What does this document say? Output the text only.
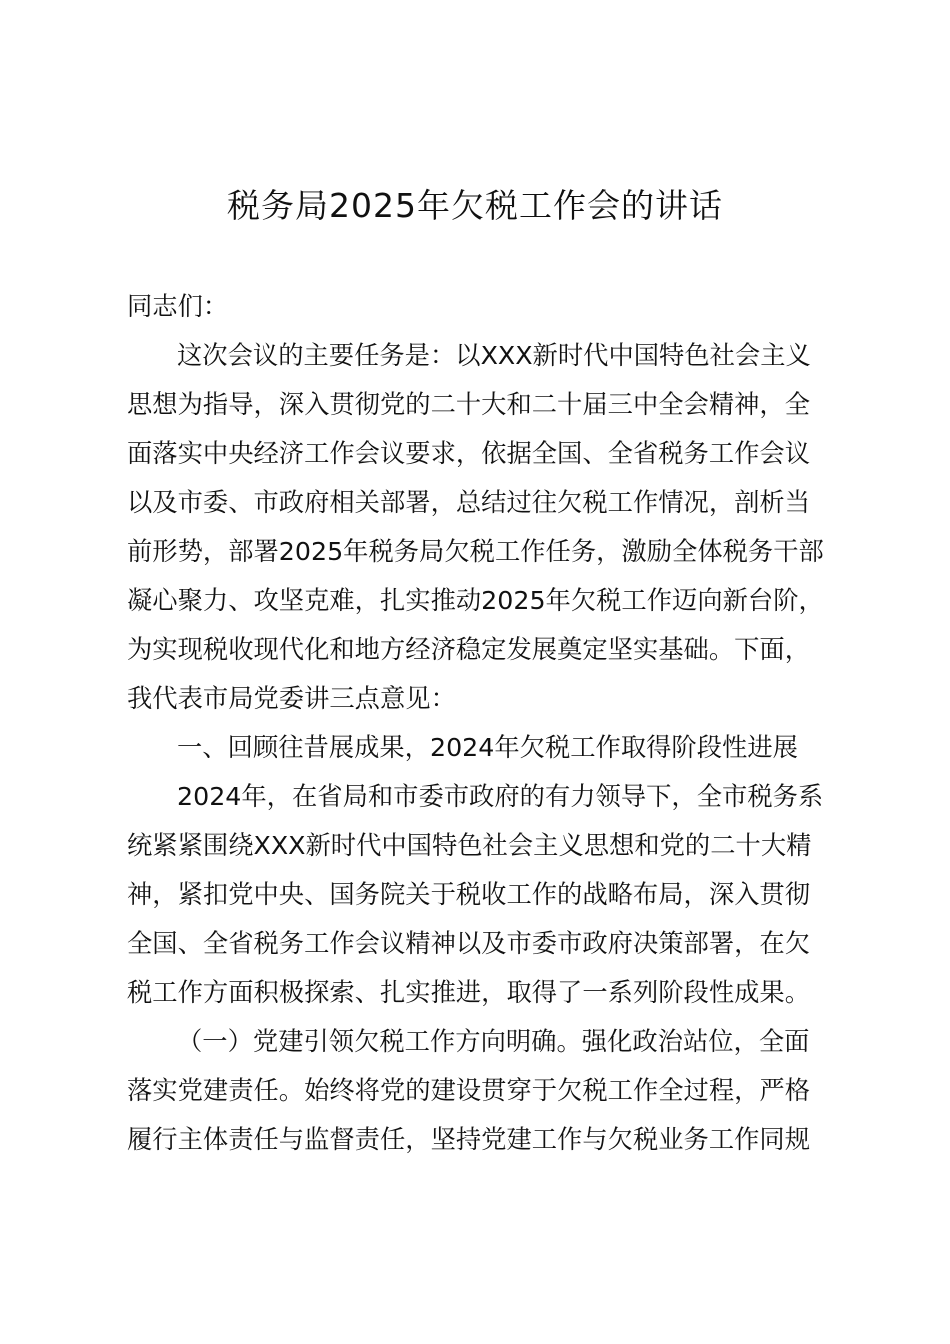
税务局2025年欠税工作会的讲话
同志们：
这次会议的主要任务是：以XXX新时代中国特色社会主义
思想为指导，深入贯彻党的二十大和二十届三中全会精神，全
面落实中央经济工作会议要求，依据全国、全省税务工作会议
以及市委、市政府相关部署，总结过往欠税工作情况，剖析当
前形势，部署2025年税务局欠税工作任务，激励全体税务干部
凝心聚力、攻坚克难，扎实推动2025年欠税工作迈向新台阶，
为实现税收现代化和地方经济稳定发展奠定坚实基础。下面，
我代表市局党委讲三点意见：
一、回顾往昔展成果，2024年欠税工作取得阶段性进展
2024年，在省局和市委市政府的有力领导下，全市税务系
统紧紧围绕XXX新时代中国特色社会主义思想和党的二十大精
神，紧扣党中央、国务院关于税收工作的战略布局，深入贯彻
全国、全省税务工作会议精神以及市委市政府决策部署，在欠
税工作方面积极探索、扎实推进，取得了一系列阶段性成果。
（一）党建引领欠税工作方向明确。强化政治站位，全面
落实党建责任。始终将党的建设贯穿于欠税工作全过程，严格
履行主体责任与监督责任，坚持党建工作与欠税业务工作同规
